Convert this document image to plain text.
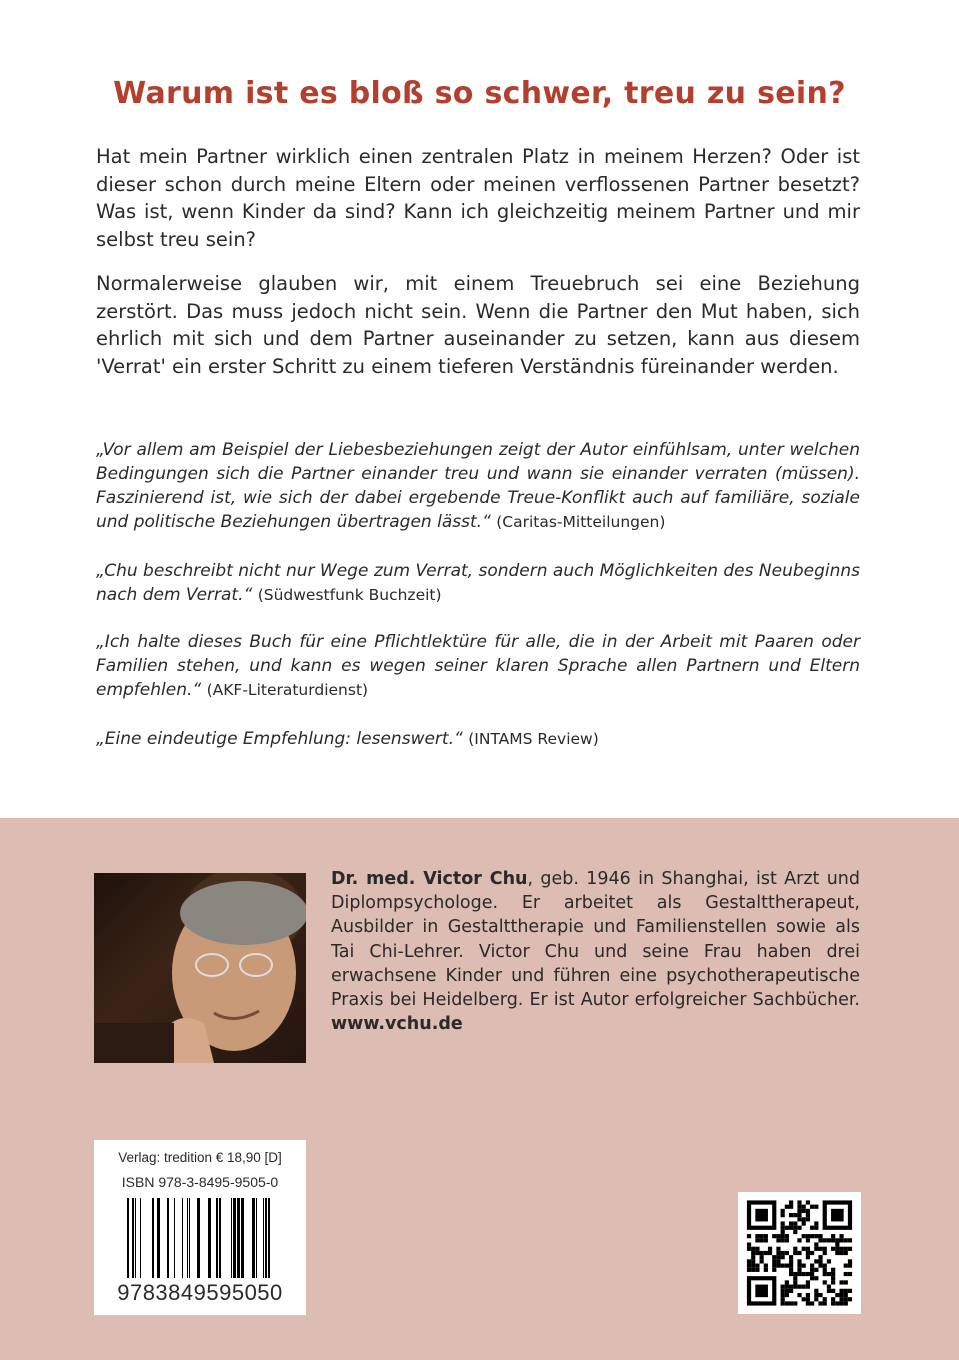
Warum ist es bloß so schwer, treu zu sein?
Hat mein Partner wirklich einen zentralen Platz in meinem Herzen? Oder ist dieser schon durch meine Eltern oder meinen verflossenen Partner besetzt? Was ist, wenn Kinder da sind? Kann ich gleichzeitig meinem Partner und mir selbst treu sein?
Normalerweise glauben wir, mit einem Treuebruch sei eine Beziehung zerstört. Das muss jedoch nicht sein. Wenn die Partner den Mut haben, sich ehrlich mit sich und dem Partner auseinander zu setzen, kann aus diesem 'Verrat' ein erster Schritt zu einem tieferen Verständnis füreinander werden.
„Vor allem am Beispiel der Liebesbeziehungen zeigt der Autor einfühlsam, unter welchen Bedingungen sich die Partner einander treu und wann sie einander verraten (müssen). Faszinierend ist, wie sich der dabei ergebende Treue-Konflikt auch auf familiäre, soziale und politische Beziehungen übertragen lässt.“ (Caritas-Mitteilungen)
„Chu beschreibt nicht nur Wege zum Verrat, sondern auch Möglichkeiten des Neubeginns nach dem Verrat.“ (Südwestfunk Buchzeit)
„Ich halte dieses Buch für eine Pflichtlektüre für alle, die in der Arbeit mit Paaren oder Familien stehen, und kann es wegen seiner klaren Sprache allen Partnern und Eltern empfehlen.“ (AKF-Literaturdienst)
„Eine eindeutige Empfehlung: lesenswert.“ (INTAMS Review)
Dr. med. Victor Chu, geb. 1946 in Shanghai, ist Arzt und Diplompsychologe. Er arbeitet als Gestalttherapeut, Ausbilder in Gestalttherapie und Familienstellen sowie als Tai Chi-Lehrer. Victor Chu und seine Frau haben drei erwachsene Kinder und führen eine psychotherapeutische Praxis bei Heidelberg. Er ist Autor erfolgreicher Sachbücher. www.vchu.de
Verlag: tredition € 18,90 [D]
ISBN 978-3-8495-9505-0
9783849595050
